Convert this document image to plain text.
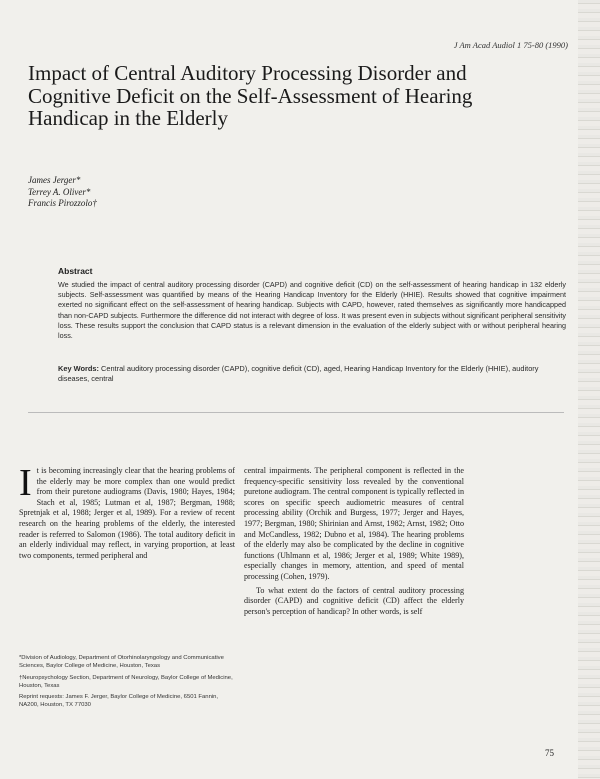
J Am Acad Audiol 1 75-80 (1990)
Impact of Central Auditory Processing Disorder and Cognitive Deficit on the Self-Assessment of Hearing Handicap in the Elderly
James Jerger*
Terrey A. Oliver*
Francis Pirozzolo†
Abstract

We studied the impact of central auditory processing disorder (CAPD) and cognitive deficit (CD) on the self-assessment of hearing handicap in 132 elderly subjects. Self-assessment was quantified by means of the Hearing Handicap Inventory for the Elderly (HHIE). Results showed that cognitive impairment exerted no significant effect on the self-assessment of hearing handicap. Subjects with CAPD, however, rated themselves as significantly more handicapped than non-CAPD subjects. Furthermore the difference did not interact with degree of loss. It was present even in subjects without significant peripheral sensitivity loss. These results support the conclusion that CAPD status is a relevant dimension in the evaluation of the elderly subject with or without peripheral hearing loss.

Key Words: Central auditory processing disorder (CAPD), cognitive deficit (CD), aged, Hearing Handicap Inventory for the Elderly (HHIE), auditory diseases, central

It is becoming increasingly clear that the hearing problems of the elderly may be more complex than one would predict from their puretone audiograms (Davis, 1980; Hayes, 1984; Stach et al, 1985; Lutman et al, 1987; Bergman, 1988; Spretnjak et al, 1988; Jerger et al, 1989). For a review of recent research on the hearing problems of the elderly, the interested reader is referred to Salomon (1986). The total auditory deficit in an elderly individual may reflect, in varying proportion, at least two components, termed peripheral and

*Division of Audiology, Department of Otorhinolaryngology and Communicative Sciences, Baylor College of Medicine, Houston, Texas

†Neuropsychology Section, Department of Neurology, Baylor College of Medicine, Houston, Texas

Reprint requests: James F. Jerger, Baylor College of Medicine, 6501 Fannin, NA200, Houston, TX 77030

central impairments. The peripheral component is reflected in the frequency-specific sensitivity loss revealed by the conventional puretone audiogram. The central component is typically reflected in scores on specific speech audiometric measures of central processing ability (Orchik and Burgess, 1977; Jerger and Hayes, 1977; Bergman, 1980; Shirinian and Arnst, 1982; Arnst, 1982; Otto and McCandless, 1982; Dubno et al, 1984). The hearing problems of the elderly may also be complicated by the decline in cognitive functions (Uhlmann et al, 1986; Jerger et al, 1989; White 1989), especially changes in memory, attention, and speed of mental processing (Cohen, 1979).

To what extent do the factors of central auditory processing disorder (CAPD) and cognitive deficit (CD) affect the elderly person's perception of handicap? In other words, is self

75
